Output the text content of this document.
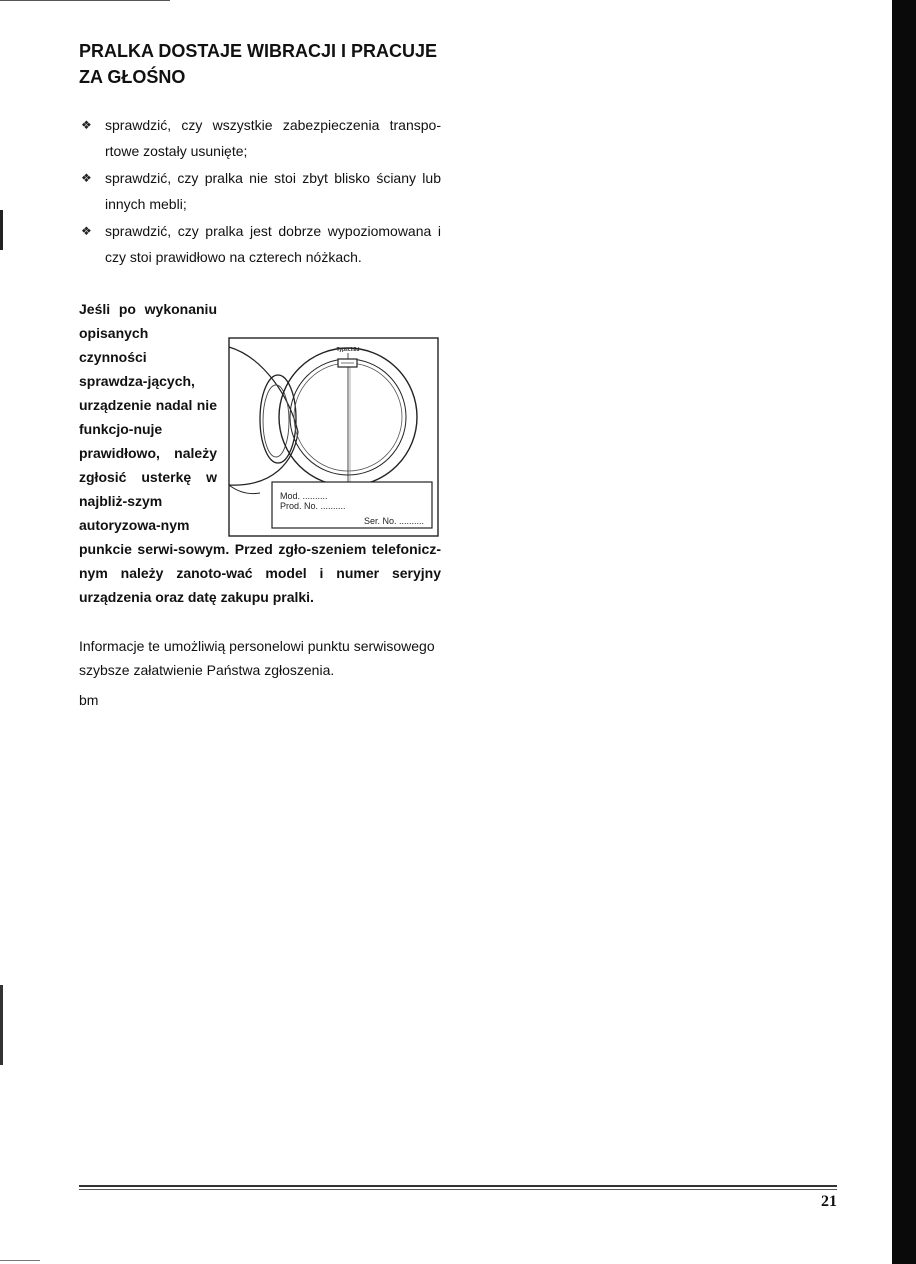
PRALKA DOSTAJE WIBRACJI I PRACUJE ZA GŁOŚNO
❖ sprawdzić, czy wszystkie zabezpieczenia transpo-rtowe zostały usunięte;
❖ sprawdzić, czy pralka nie stoi zbyt blisko ściany lub innych mebli;
❖ sprawdzić, czy pralka jest dobrze wypoziomowana i czy stoi prawidłowo na czterech nóżkach.

Jeśli po wykonaniu opisanych czynności sprawdza-jących, urządzenie nadal nie funkcjo-nuje prawidłowo, należy zgłosić usterkę w najbliż-szym autoryzowa-nym punkcie serwi-sowym. Przed zgło-szeniem telefonicz-nym należy zanoto-wać model i numer seryjny urządzenia oraz datę zakupu pralki.

Typschild
Mod. ..........
Prod. No. ..........
Ser. No. ..........

Informacje te umożliwią personelowi punktu serwisowego szybsze załatwienie Państwa zgłoszenia.

bm

21
